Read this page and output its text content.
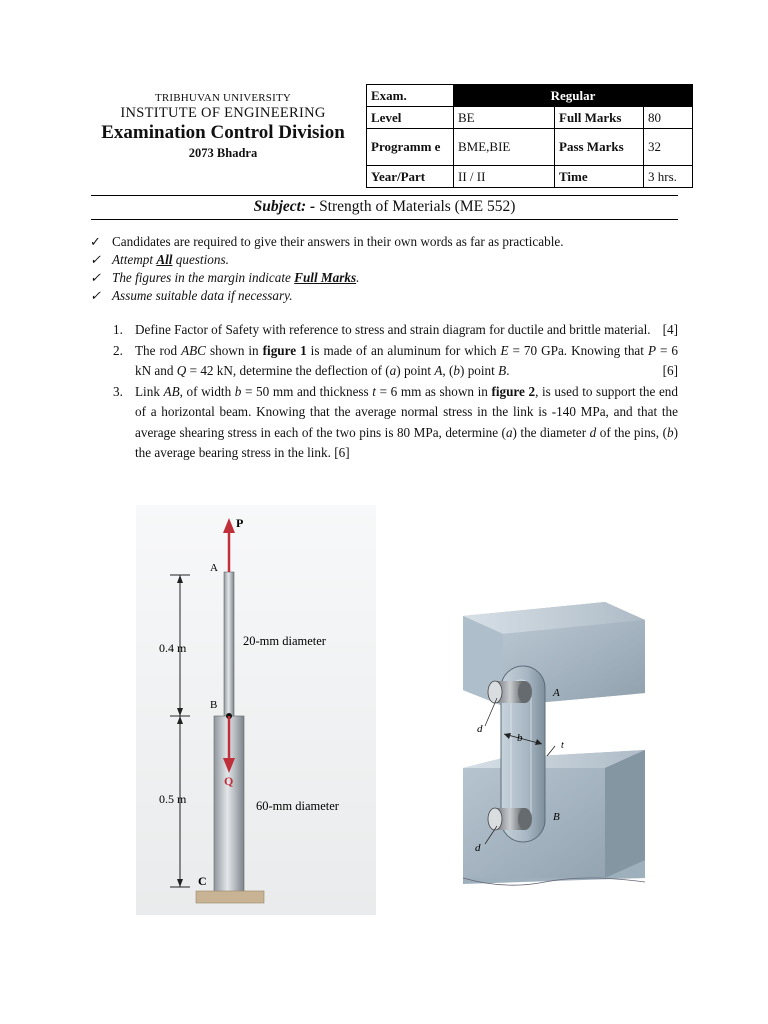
TRIBHUVAN UNIVERSITY
INSTITUTE OF ENGINEERING
Examination Control Division
2073 Bhadra
Exam.	Regular		
Level	BE	Full Marks	80
Programm e	BME,BIE	Pass Marks	32
Year/Part	II / II	Time	3 hrs.
Subject: - Strength of Materials (ME 552)
✓ Candidates are required to give their answers in their own words as far as practicable.
✓ Attempt All questions.
✓ The figures in the margin indicate Full Marks.
✓ Assume suitable data if necessary.
1. Define Factor of Safety with reference to stress and strain diagram for ductile and brittle material. [4]
2. The rod ABC shown in figure 1 is made of an aluminum for which E = 70 GPa. Knowing that P = 6 kN and Q = 42 kN, determine the deflection of (a) point A, (b) point B.	[6]
3. Link AB, of width b = 50 mm and thickness t = 6 mm as shown in figure 2, is used to support the end of a horizontal beam. Knowing that the average normal stress in the link is -140 MPa, and that the average shearing stress in each of the two pins is 80 MPa, determine (a) the diameter d of the pins, (b) the average bearing stress in the link. [6]
P
A
B
Q
C
0.4 m
0.5 m
20-mm diameter
60-mm diameter
A
B
d
d
b
t
